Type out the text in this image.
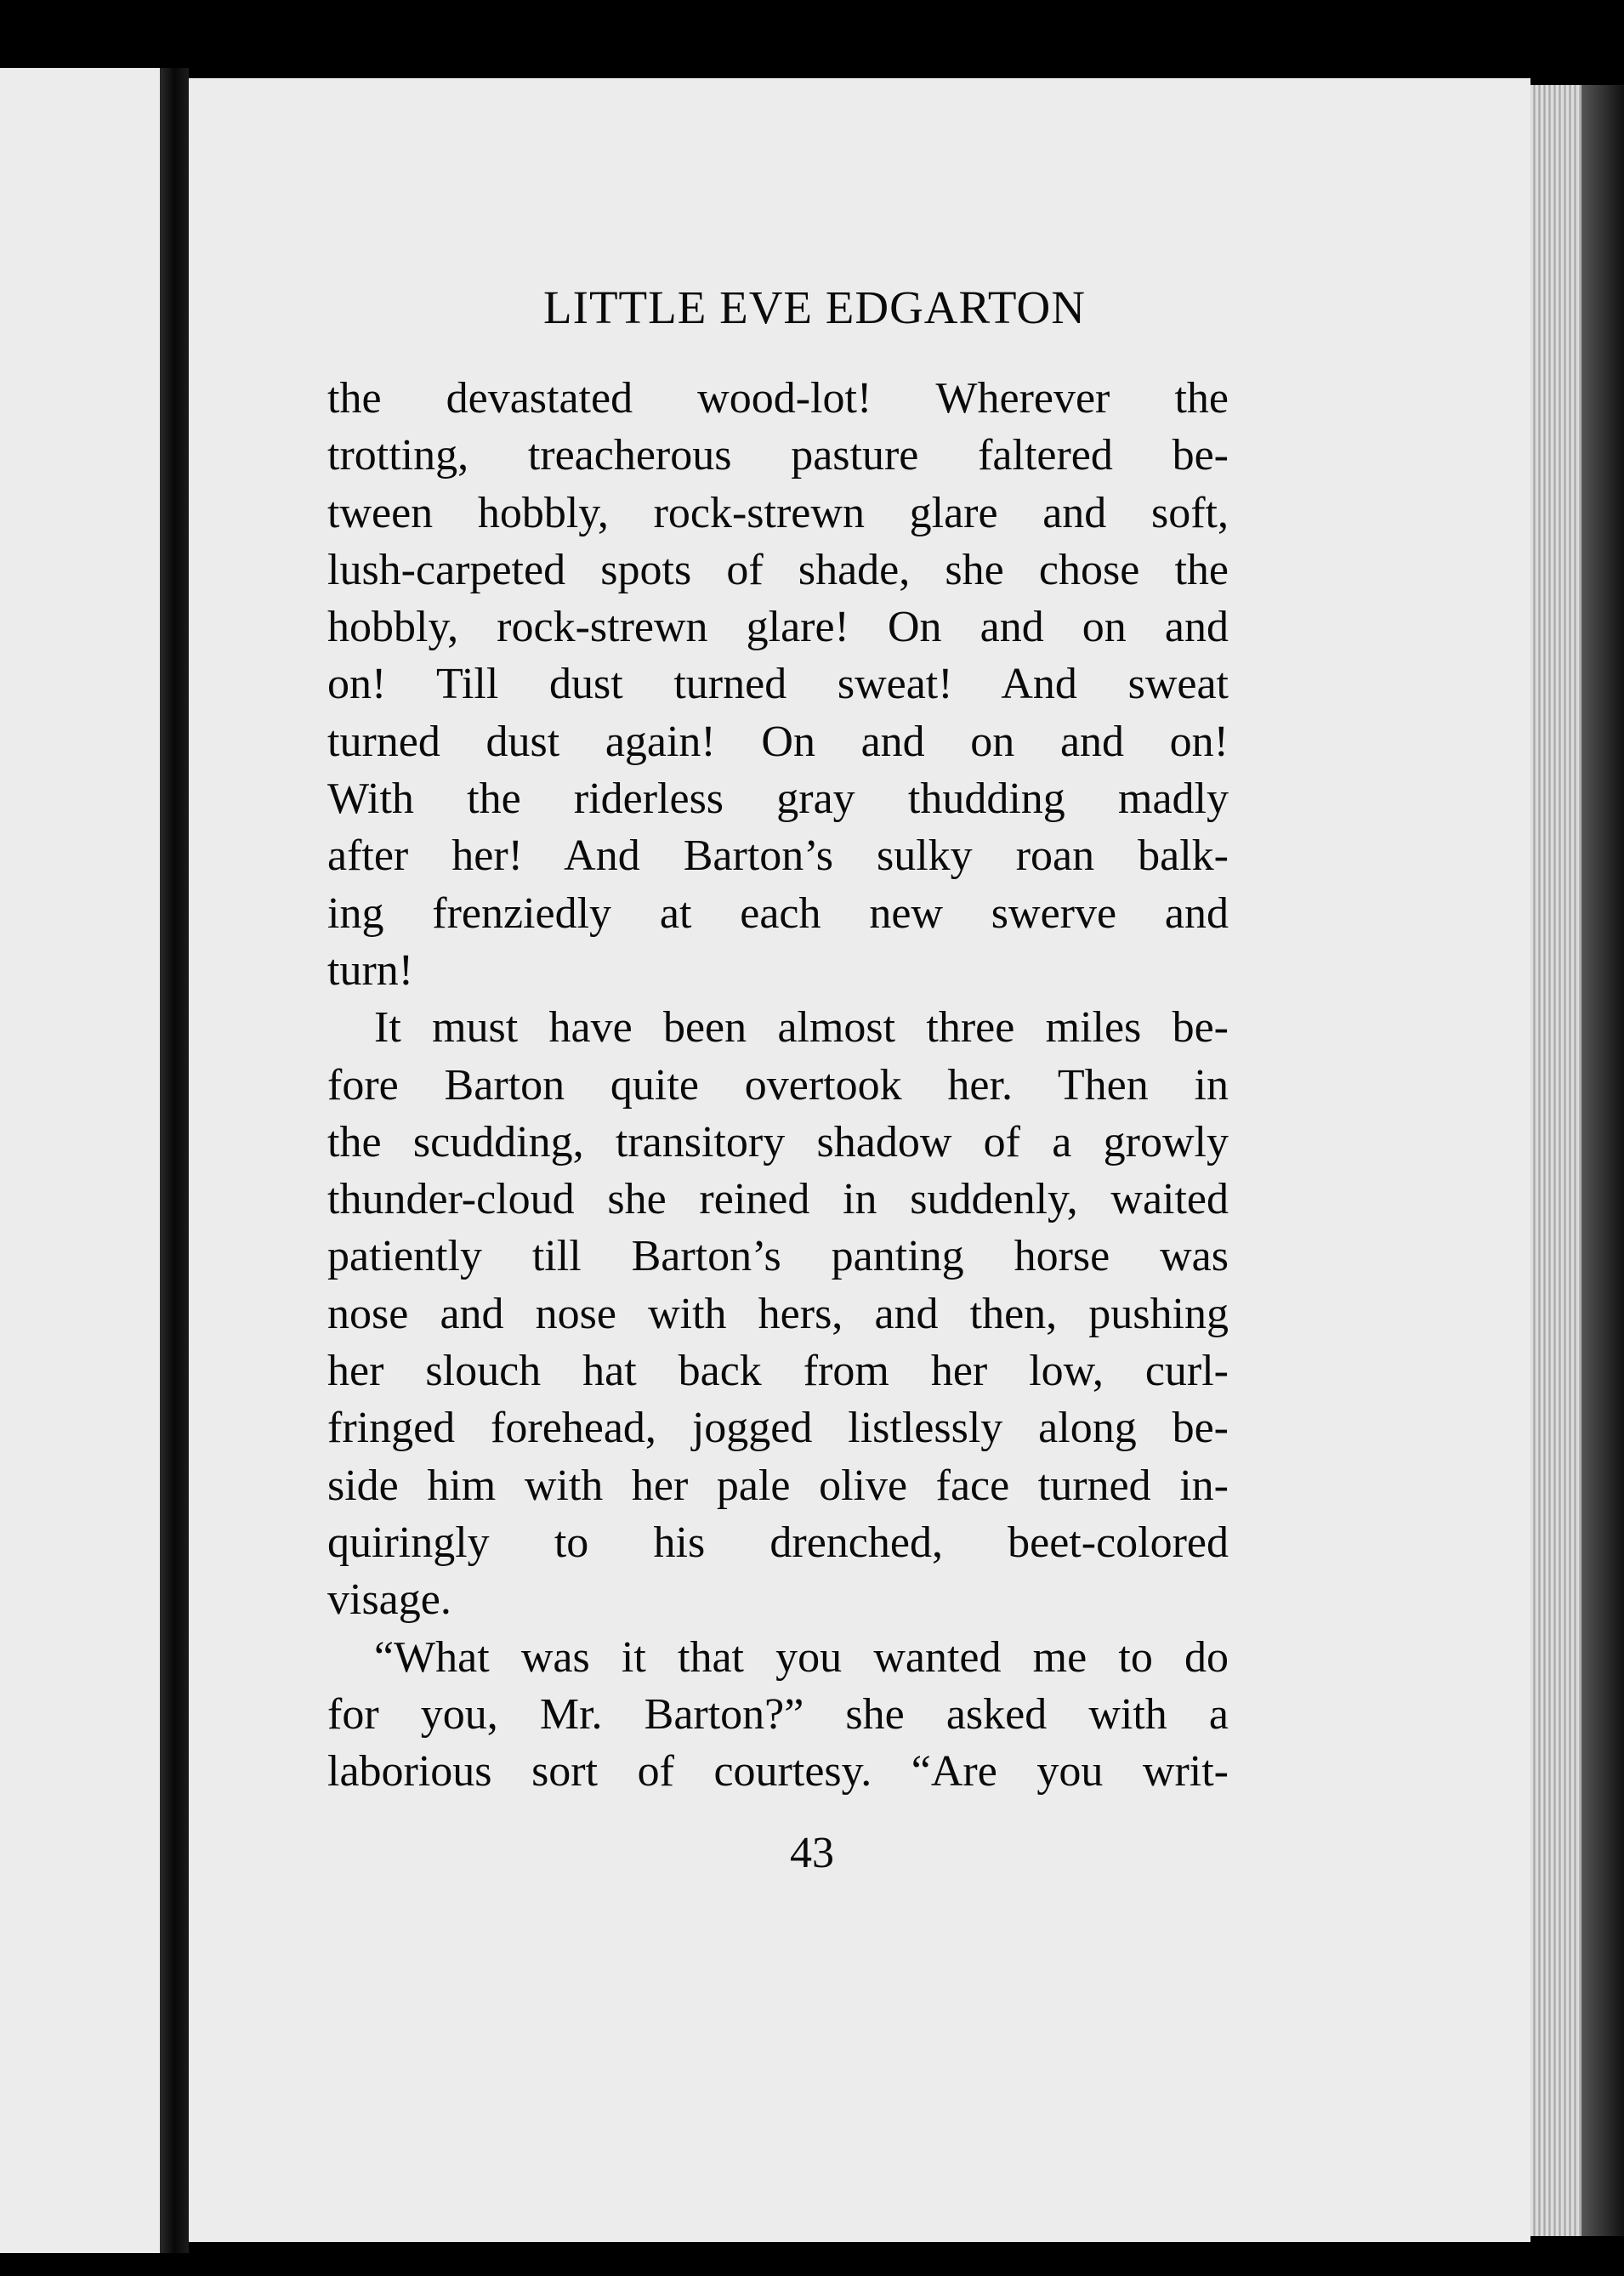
LITTLE EVE EDGARTON
the devastated wood-lot! Wherever the
trotting, treacherous pasture faltered be-
tween hobbly, rock-strewn glare and soft,
lush-carpeted spots of shade, she chose the
hobbly, rock-strewn glare! On and on and
on! Till dust turned sweat! And sweat
turned dust again! On and on and on!
With the riderless gray thudding madly
after her! And Barton’s sulky roan balk-
ing frenziedly at each new swerve and
turn!
It must have been almost three miles be-
fore Barton quite overtook her. Then in
the scudding, transitory shadow of a growly
thunder-cloud she reined in suddenly, waited
patiently till Barton’s panting horse was
nose and nose with hers, and then, pushing
her slouch hat back from her low, curl-
fringed forehead, jogged listlessly along be-
side him with her pale olive face turned in-
quiringly to his drenched, beet-colored
visage.
“What was it that you wanted me to do
for you, Mr. Barton?” she asked with a
laborious sort of courtesy. “Are you writ-
43
